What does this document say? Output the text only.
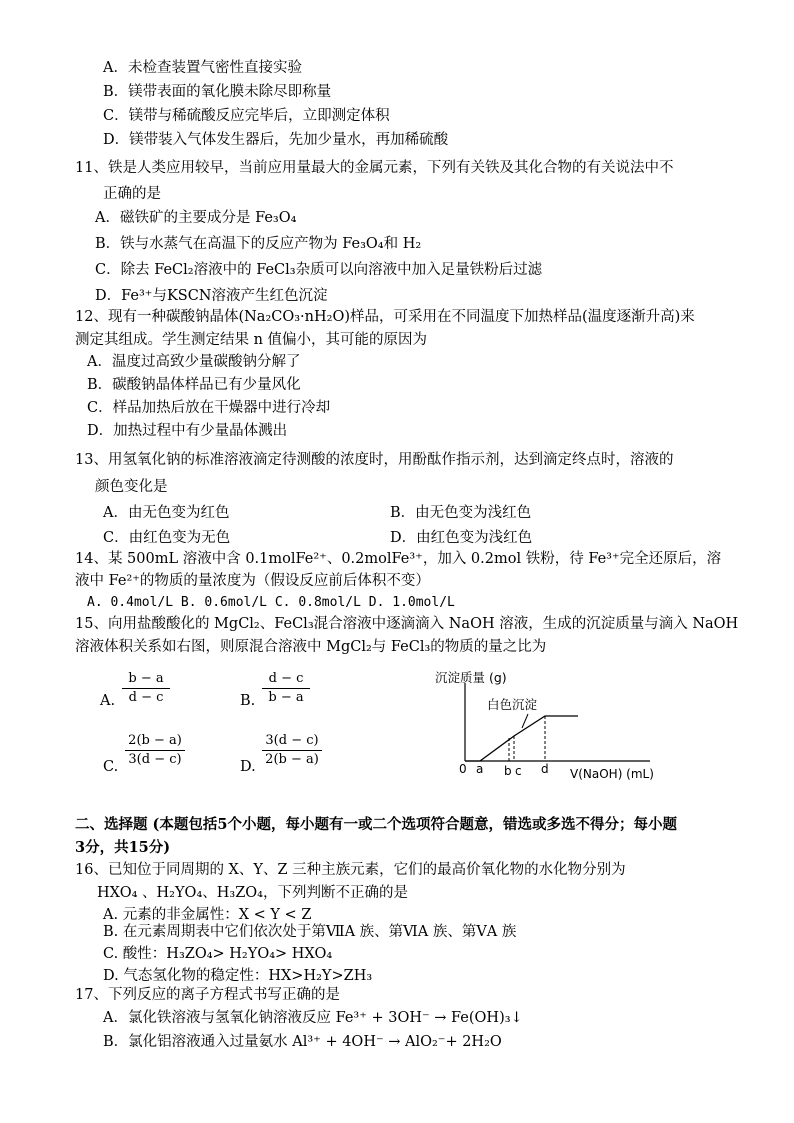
A．未检查装置气密性直接实验
B．镁带表面的氧化膜未除尽即称量
C．镁带与稀硫酸反应完毕后，立即测定体积
D．镁带装入气体发生器后，先加少量水，再加稀硫酸
11、铁是人类应用较早，当前应用量最大的金属元素，下列有关铁及其化合物的有关说法中不
正确的是
A．磁铁矿的主要成分是 Fe₃O₄
B．铁与水蒸气在高温下的反应产物为 Fe₃O₄和 H₂
C．除去 FeCl₂溶液中的 FeCl₃杂质可以向溶液中加入足量铁粉后过滤
D．Fe³⁺与KSCN溶液产生红色沉淀
12、现有一种碳酸钠晶体(Na₂CO₃·nH₂O)样品，可采用在不同温度下加热样品(温度逐渐升高)来
测定其组成。学生测定结果 n 值偏小，其可能的原因为
A．温度过高致少量碳酸钠分解了
B．碳酸钠晶体样品已有少量风化
C．样品加热后放在干燥器中进行冷却
D．加热过程中有少量晶体溅出
13、用氢氧化钠的标准溶液滴定待测酸的浓度时，用酚酞作指示剂，达到滴定终点时，溶液的
颜色变化是
A．由无色变为红色	B．由无色变为浅红色
C．由红色变为无色	D．由红色变为浅红色
14、某 500mL 溶液中含 0.1molFe²⁺、0.2molFe³⁺，加入 0.2mol 铁粉，待 Fe³⁺完全还原后，溶
液中 Fe²⁺的物质的量浓度为（假设反应前后体积不变）
A. 0.4mol/L B. 0.6mol/L C. 0.8mol/L D. 1.0mol/L
15、向用盐酸酸化的 MgCl₂、FeCl₃混合溶液中逐滴滴入 NaOH 溶液，生成的沉淀质量与滴入 NaOH
溶液体积关系如右图，则原混合溶液中 MgCl₂与 FeCl₃的物质的量之比为
A. $\frac{b - a}{d - c}$	B. $\frac{d - c}{b - a}$
C. $\frac{2(b - a)}{3(d - c)}$	D. $\frac{3(d - c)}{2(b - a)}$
沉淀质量 (g)
白色沉淀
0 a b c d V(NaOH) (mL)
二、选择题 (本题包括5个小题，每小题有一或二个选项符合题意，错选或多选不得分；每小题
3分，共15分)
16、已知位于同周期的 X、Y、Z 三种主族元素，它们的最高价氧化物的水化物分别为
HXO₄ 、H₂YO₄、H₃ZO₄，下列判断不正确的是
A. 元素的非金属性：X < Y < Z
B. 在元素周期表中它们依次处于第ⅦA 族、第ⅥA 族、第ⅤA 族
C. 酸性：H₃ZO₄> H₂YO₄> HXO₄
D. 气态氢化物的稳定性：HX>H₂Y>ZH₃
17、下列反应的离子方程式书写正确的是
A．氯化铁溶液与氢氧化钠溶液反应 Fe³⁺ + 3OH⁻ → Fe(OH)₃↓
B．氯化铝溶液通入过量氨水 Al³⁺ + 4OH⁻ → AlO₂⁻+ 2H₂O
